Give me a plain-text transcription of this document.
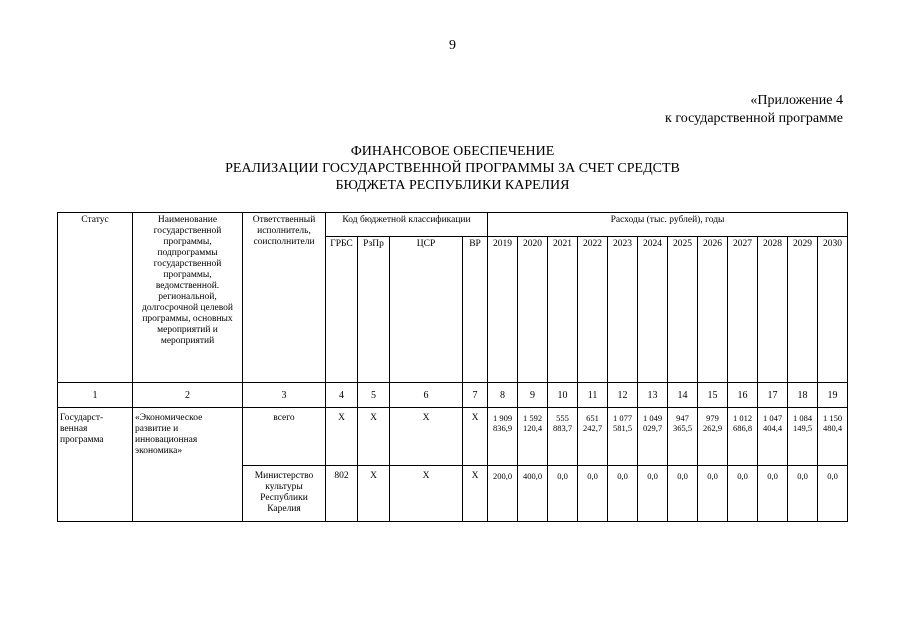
9
«Приложение 4
к государственной программе
ФИНАНСОВОЕ ОБЕСПЕЧЕНИЕ
РЕАЛИЗАЦИИ ГОСУДАРСТВЕННОЙ ПРОГРАММЫ ЗА СЧЕТ СРЕДСТВ
БЮДЖЕТА РЕСПУБЛИКИ КАРЕЛИЯ
Статус	Наименование государственной программы, подпрограммы государственной программы, ведомственной. региональной, долгосрочной целевой программы, основных мероприятий и мероприятий	Ответственный исполнитель, соисполнители	Код бюджетной классификации				Расходы (тыс. рублей), годы											
			ГРБС	РзПр	ЦСР	ВР	2019	2020	2021	2022	2023	2024	2025	2026	2027	2028	2029	2030
1	2	3	4	5	6	7	8	9	10	11	12	13	14	15	16	17	18	19
Государст-венная программа	«Экономическое развитие и инновационная экономика»	всего	Х	Х	Х	Х	1 909 836,9	1 592 120,4	555 883,7	651 242,7	1 077 581,5	1 049 029,7	947 365,5	979 262,9	1 012 686,8	1 047 404,4	1 084 149,5	1 150 480,4
		Министерство культуры Республики Карелия	802	Х	Х	Х	200,0	400,0	0,0	0,0	0,0	0,0	0,0	0,0	0,0	0,0	0,0	0,0
